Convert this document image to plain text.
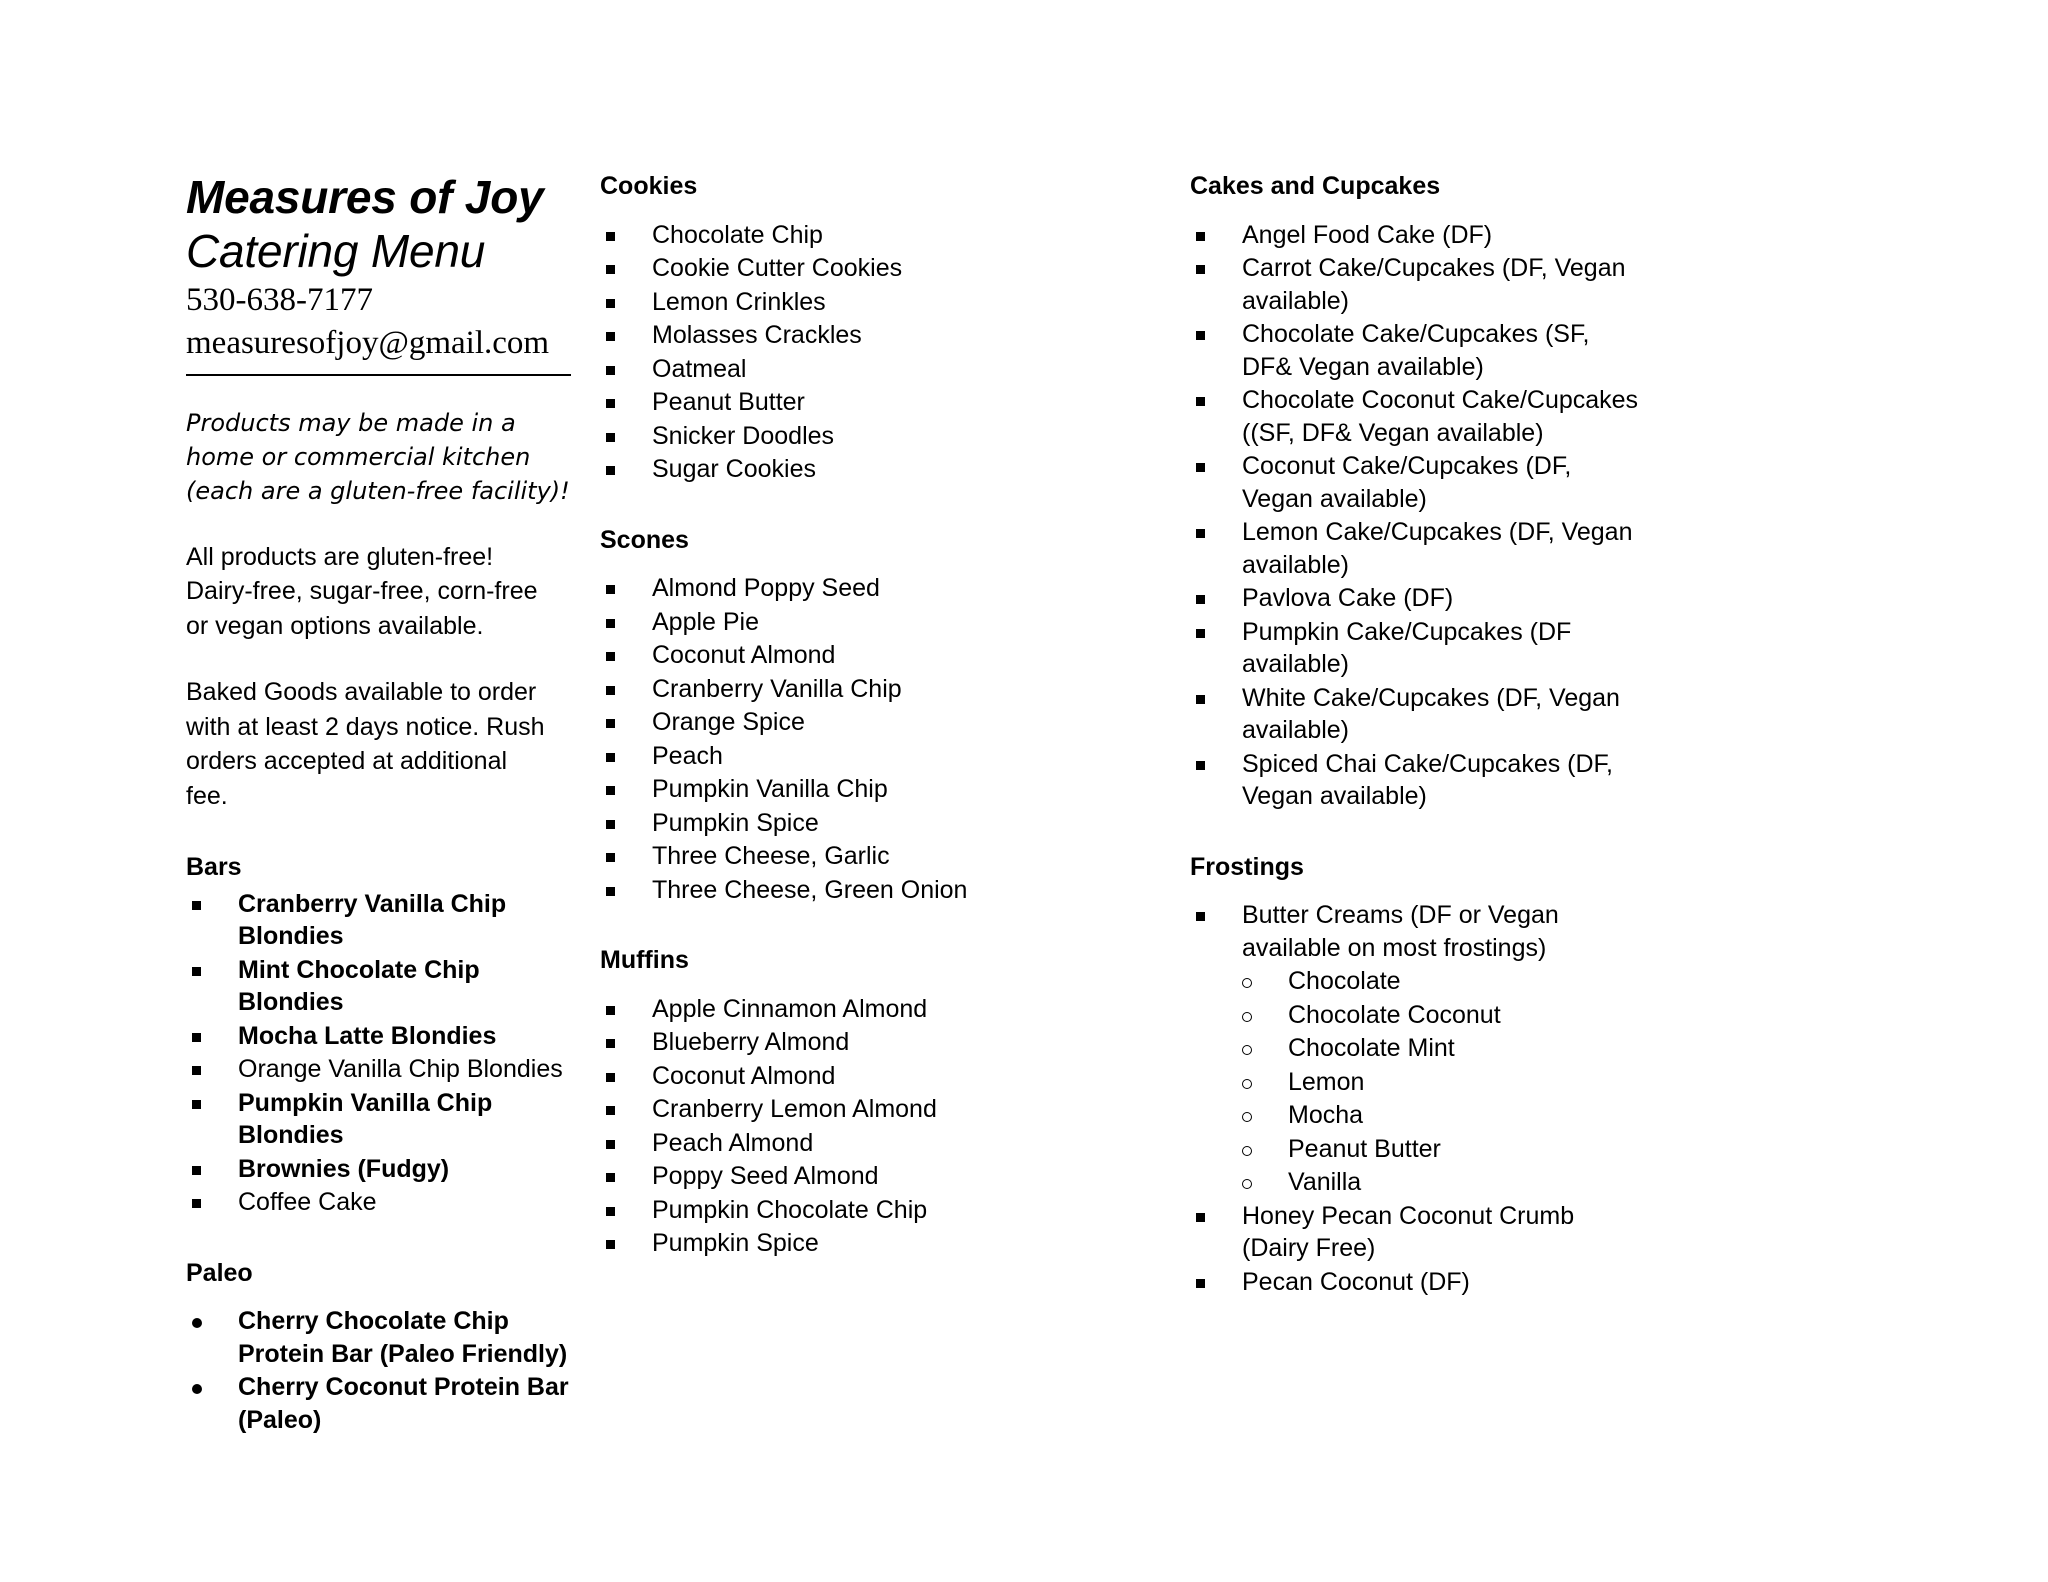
Measures of Joy
Catering Menu
530-638-7177
measuresofjoy@gmail.com
Products may be made in a home or commercial kitchen (each are a gluten-free facility)!
All products are gluten-free! Dairy-free, sugar-free, corn-free or vegan options available.
Baked Goods available to order with at least 2 days notice. Rush orders accepted at additional fee.
Bars
Cranberry Vanilla Chip Blondies
Mint Chocolate Chip Blondies
Mocha Latte Blondies
Orange Vanilla Chip Blondies
Pumpkin Vanilla Chip Blondies
Brownies (Fudgy)
Coffee Cake
Paleo
Cherry Chocolate Chip Protein Bar (Paleo Friendly)
Cherry Coconut Protein Bar (Paleo)
Cookies
Chocolate Chip
Cookie Cutter Cookies
Lemon Crinkles
Molasses Crackles
Oatmeal
Peanut Butter
Snicker Doodles
Sugar Cookies
Scones
Almond Poppy Seed
Apple Pie
Coconut Almond
Cranberry Vanilla Chip
Orange Spice
Peach
Pumpkin Vanilla Chip
Pumpkin Spice
Three Cheese, Garlic
Three Cheese, Green Onion
Muffins
Apple Cinnamon Almond
Blueberry Almond
Coconut Almond
Cranberry Lemon Almond
Peach Almond
Poppy Seed Almond
Pumpkin Chocolate Chip
Pumpkin Spice
Cakes and Cupcakes
Angel Food Cake (DF)
Carrot Cake/Cupcakes (DF, Vegan available)
Chocolate Cake/Cupcakes (SF, DF& Vegan available)
Chocolate Coconut Cake/Cupcakes ((SF, DF& Vegan available)
Coconut Cake/Cupcakes (DF, Vegan available)
Lemon Cake/Cupcakes (DF, Vegan available)
Pavlova Cake (DF)
Pumpkin Cake/Cupcakes (DF available)
White Cake/Cupcakes (DF, Vegan available)
Spiced Chai Cake/Cupcakes (DF, Vegan available)
Frostings
Butter Creams (DF or Vegan available on most frostings)
Chocolate
Chocolate Coconut
Chocolate Mint
Lemon
Mocha
Peanut Butter
Vanilla
Honey Pecan Coconut Crumb (Dairy Free)
Pecan Coconut (DF)
